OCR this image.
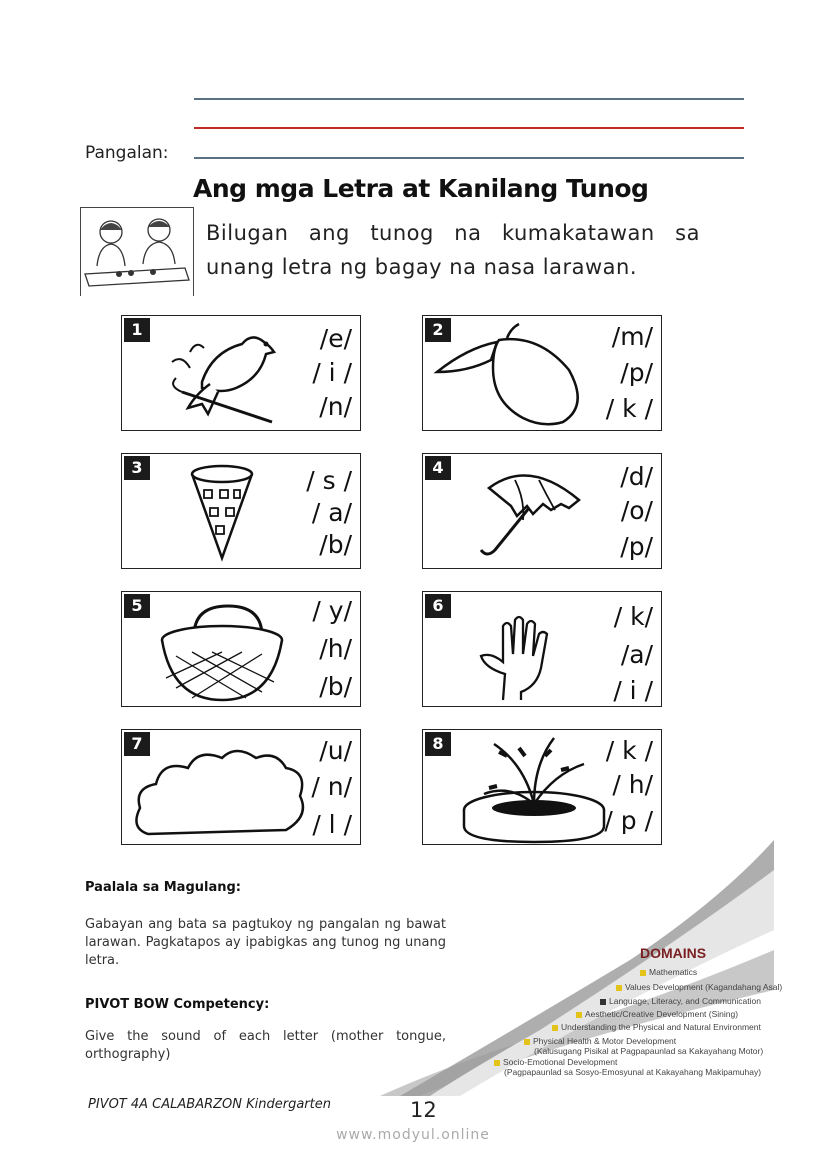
Pangalan:
Ang mga Letra at Kanilang Tunog
Bilugan ang tunog na kumakatawan sa unang letra ng bagay na nasa larawan.
1	/e/
/ i /
/n/
2	/m/
/p/
/ k /
3	/ s /
/ a/
/b/
4	/d/
/o/
/p/
5	/ y/
/h/
/b/
6	/ k/
/a/
/ i /
7	/u/
/ n/
/ l /
8	/ k /
/ h/
/ p /
Paalala sa Magulang:
Gabayan ang bata sa pagtukoy ng pangalan ng bawat larawan. Pagkatapos ay ipabigkas ang tunog ng unang letra.
PIVOT BOW Competency:
Give the sound of each letter (mother tongue, orthography)
DOMAINS
Mathematics
Values Development (Kagandahang Asal)
Language, Literacy, and Communication
Aesthetic/Creative Development (Sining)
Understanding the Physical and Natural Environment
Physical Health & Motor Development
(Kalusugang Pisikal at Pagpapaunlad sa Kakayahang Motor)
Socio-Emotional Development
(Pagpapaunlad sa Sosyo-Emosyunal at Kakayahang Makipamuhay)
PIVOT 4A CALABARZON Kindergarten	12
www.modyul.online
